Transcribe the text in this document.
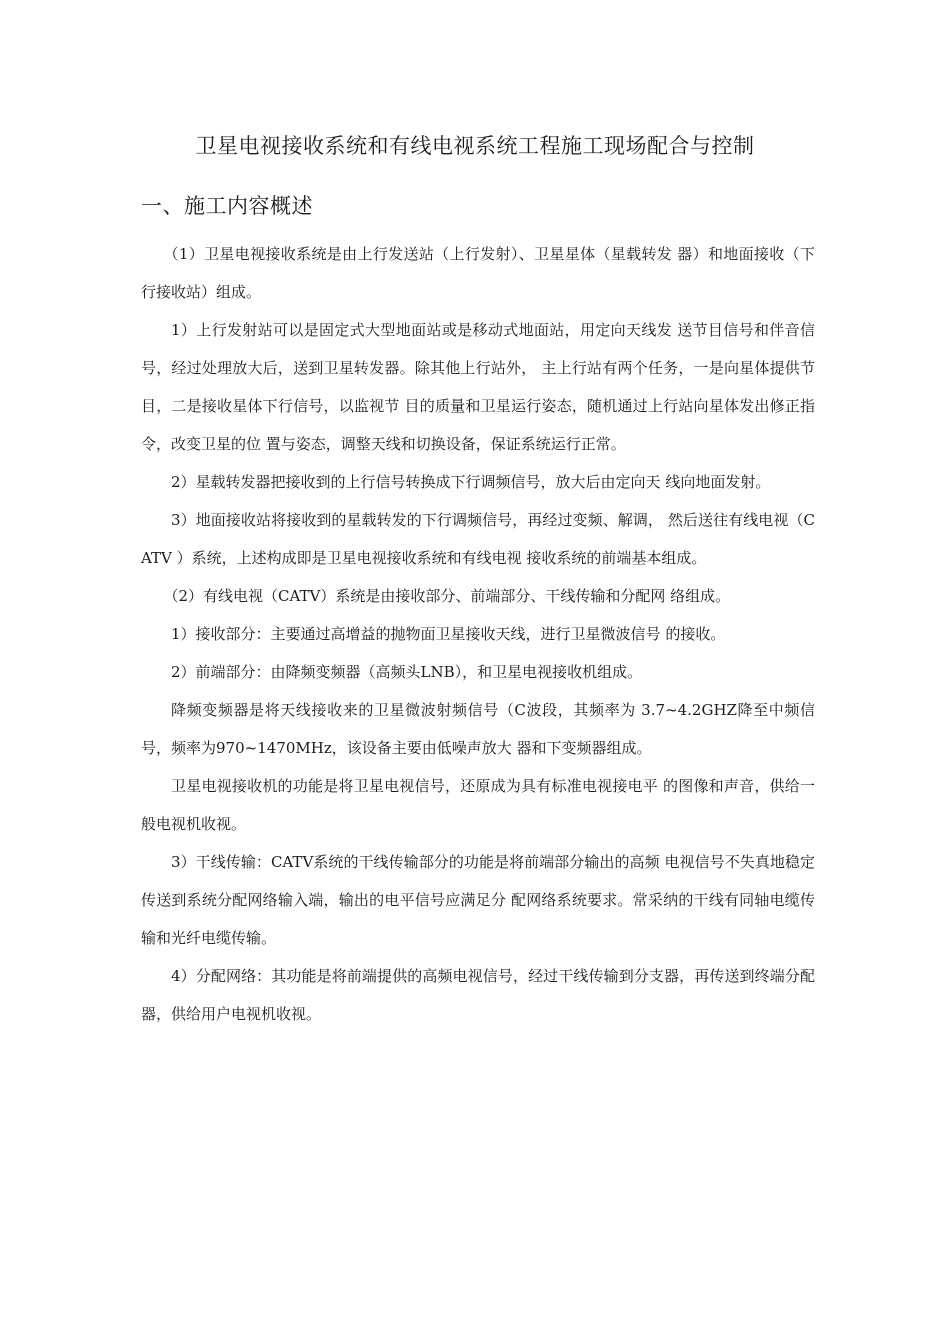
卫星电视接收系统和有线电视系统工程施工现场配合与控制
一、施工内容概述

（1）卫星电视接收系统是由上行发送站（上行发射）、卫星星体（星载转发 器）和地面接收（下行接收站）组成。

1）上行发射站可以是固定式大型地面站或是移动式地面站，用定向天线发 送节目信号和伴音信号，经过处理放大后，送到卫星转发器。除其他上行站外， 主上行站有两个任务，一是向星体提供节目，二是接收星体下行信号，以监视节 目的质量和卫星运行姿态，随机通过上行站向星体发出修正指令，改变卫星的位 置与姿态，调整天线和切换设备，保证系统运行正常。

2）星载转发器把接收到的上行信号转换成下行调频信号，放大后由定向天 线向地面发射。

3）地面接收站将接收到的星载转发的下行调频信号，再经过变频、解调， 然后送往有线电视（CATV ）系统，上述构成即是卫星电视接收系统和有线电视 接收系统的前端基本组成。

（2）有线电视（CATV）系统是由接收部分、前端部分、干线传输和分配网 络组成。

1）接收部分：主要通过高增益的抛物面卫星接收天线，进行卫星微波信号 的接收。

2）前端部分：由降频变频器（高频头LNB），和卫星电视接收机组成。

降频变频器是将天线接收来的卫星微波射频信号（C波段，其频率为 3.7~4.2GHZ降至中频信号，频率为970~1470MHz，该设备主要由低噪声放大 器和下变频器组成。

卫星电视接收机的功能是将卫星电视信号，还原成为具有标准电视接电平 的图像和声音，供给一般电视机收视。

3）干线传输：CATV系统的干线传输部分的功能是将前端部分输出的高频 电视信号不失真地稳定传送到系统分配网络输入端，输出的电平信号应满足分 配网络系统要求。常采纳的干线有同轴电缆传输和光纤电缆传输。

4）分配网络：其功能是将前端提供的高频电视信号，经过干线传输到分支器，再传送到终端分配器，供给用户电视机收视。
